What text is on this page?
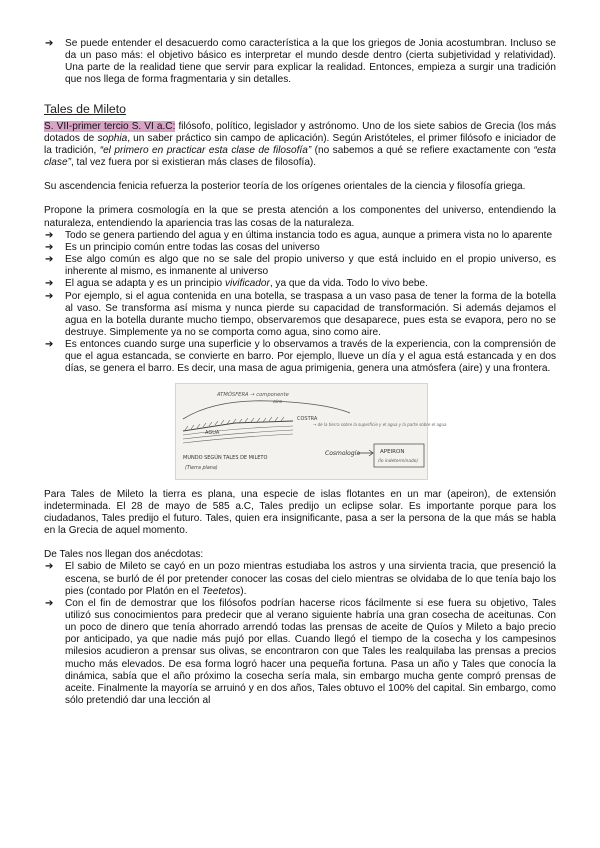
➔	Se puede entender el desacuerdo como característica a la que los griegos de Jonia acostumbran. Incluso se da un paso más: el objetivo básico es interpretar el mundo desde dentro (cierta subjetividad y relatividad). Una parte de la realidad tiene que servir para explicar la realidad. Entonces, empieza a surgir una tradición que nos llega de forma fragmentaria y sin detalles.
Tales de Mileto

S. VII-primer tercio S. VI a.C: filósofo, político, legislador y astrónomo. Uno de los siete sabios de Grecia (los más dotados de sophia, un saber práctico sin campo de aplicación). Según Aristóteles, el primer filósofo e iniciador de la tradición, “el primero en practicar esta clase de filosofía” (no sabemos a qué se refiere exactamente con “esta clase”, tal vez fuera por si existieran más clases de filosofía).

Su ascendencia fenicia refuerza la posterior teoría de los orígenes orientales de la ciencia y filosofía griega.

Propone la primera cosmología en la que se presta atención a los componentes del universo, entendiendo la naturaleza, entendiendo la apariencia tras las cosas de la naturaleza.

➔	Todo se genera partiendo del agua y en última instancia todo es agua, aunque a primera vista no lo aparente
➔	Es un principio común entre todas las cosas del universo
➔	Ese algo común es algo que no se sale del propio universo y que está incluido en el propio universo, es inherente al mismo, es inmanente al universo
➔	El agua se adapta y es un principio vivificador, ya que da vida. Todo lo vivo bebe.
➔	Por ejemplo, si el agua contenida en una botella, se traspasa a un vaso pasa de tener la forma de la botella al vaso. Se transforma así misma y nunca pierde su capacidad de transformación. Si además dejamos el agua en la botella durante mucho tiempo, observaremos que desaparece, pues esta se evapora, pero no se destruye. Simplemente ya no se comporta como agua, sino como aire.
➔	Es entonces cuando surge una superficie y lo observamos a través de la experiencia, con la comprensión de que el agua estancada, se convierte en barro. Por ejemplo, llueve un día y el agua está estancada y en dos días, se genera el barro. Es decir, una masa de agua primigenia, genera una atmósfera (aire) y una frontera.
ATMÓSFERA → componente
aire
AGUA
COSTRA
→ de la tierra sobre la superficie y el agua y la parte sobre el agua
MUNDO SEGÚN TALES DE MILETO
(Tierra plana)
Cosmología	APEIRON
(lo indeterminado)

Para Tales de Mileto la tierra es plana, una especie de islas flotantes en un mar (apeiron), de extensión indeterminada. El 28 de mayo de 585 a.C, Tales predijo un eclipse solar. Es importante porque para los ciudadanos, Tales predijo el futuro. Tales, quien era insignificante, pasa a ser la persona de la que más se habla en la Grecia de aquel momento.

De Tales nos llegan dos anécdotas:

➔	El sabio de Mileto se cayó en un pozo mientras estudiaba los astros y una sirvienta tracia, que presenció la escena, se burló de él por pretender conocer las cosas del cielo mientras se olvidaba de lo que tenía bajo los pies (contado por Platón en el Teetetos).
➔	Con el fin de demostrar que los filósofos podrían hacerse ricos fácilmente si ese fuera su objetivo, Tales utilizó sus conocimientos para predecir que al verano siguiente habría una gran cosecha de aceitunas. Con un poco de dinero que tenía ahorrado arrendó todas las prensas de aceite de Quíos y Mileto a bajo precio por anticipado, ya que nadie más pujó por ellas. Cuando llegó el tiempo de la cosecha y los campesinos milesios acudieron a prensar sus olivas, se encontraron con que Tales les realquilaba las prensas a precios mucho más elevados. De esa forma logró hacer una pequeña fortuna. Pasa un año y Tales que conocía la dinámica, sabía que el año próximo la cosecha sería mala, sin embargo mucha gente compró prensas de aceite. Finalmente la mayoría se arruinó y en dos años, Tales obtuvo el 100% del capital. Sin embargo, como sólo pretendió dar una lección al
